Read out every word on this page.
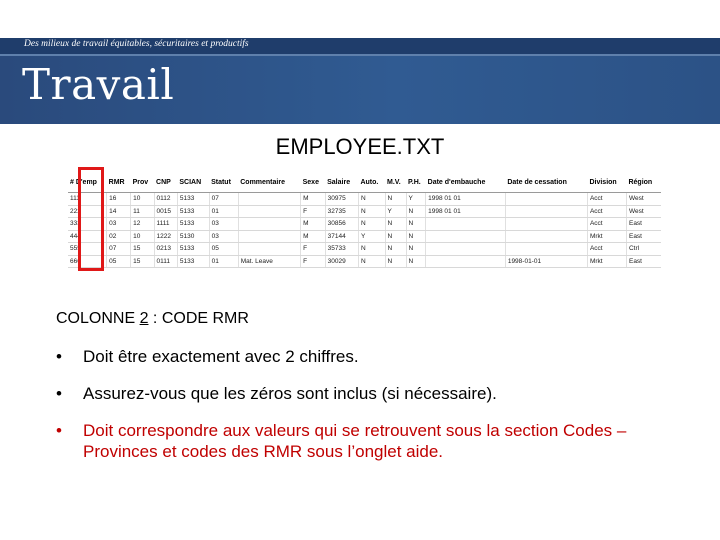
Des milieux de travail équitables, sécuritaires et productifs
Travail
EMPLOYEE.TXT
# D'emp	RMR	Prov	CNP	SCIAN	Statut	Commentaire	Sexe	Salaire	Auto.	M.V.	P.H.	Date d'embauche	Date de cessation	Division	Région
111	16	10	0112	5133	07		M	30975	N	N	Y	1998 01 01		Acct	West
222	14	11	0015	5133	01		F	32735	N	Y	N	1998 01 01		Acct	West
333	03	12	1111	5133	03		M	30856	N	N	N			Acct	East
444	02	10	1222	5130	03		M	37144	Y	N	N			Mrkt	East
555	07	15	0213	5133	05		F	35733	N	N	N			Acct	Ctrl
666	05	15	0111	5133	01	Mat. Leave	F	30029	N	N	N		1998-01-01	Mrkt	East
COLONNE 2 : CODE RMR
• Doit être exactement avec 2 chiffres.
• Assurez-vous que les zéros sont inclus (si nécessaire).
• Doit correspondre aux valeurs qui se retrouvent sous la section Codes – Provinces et codes des RMR sous l’onglet aide.
